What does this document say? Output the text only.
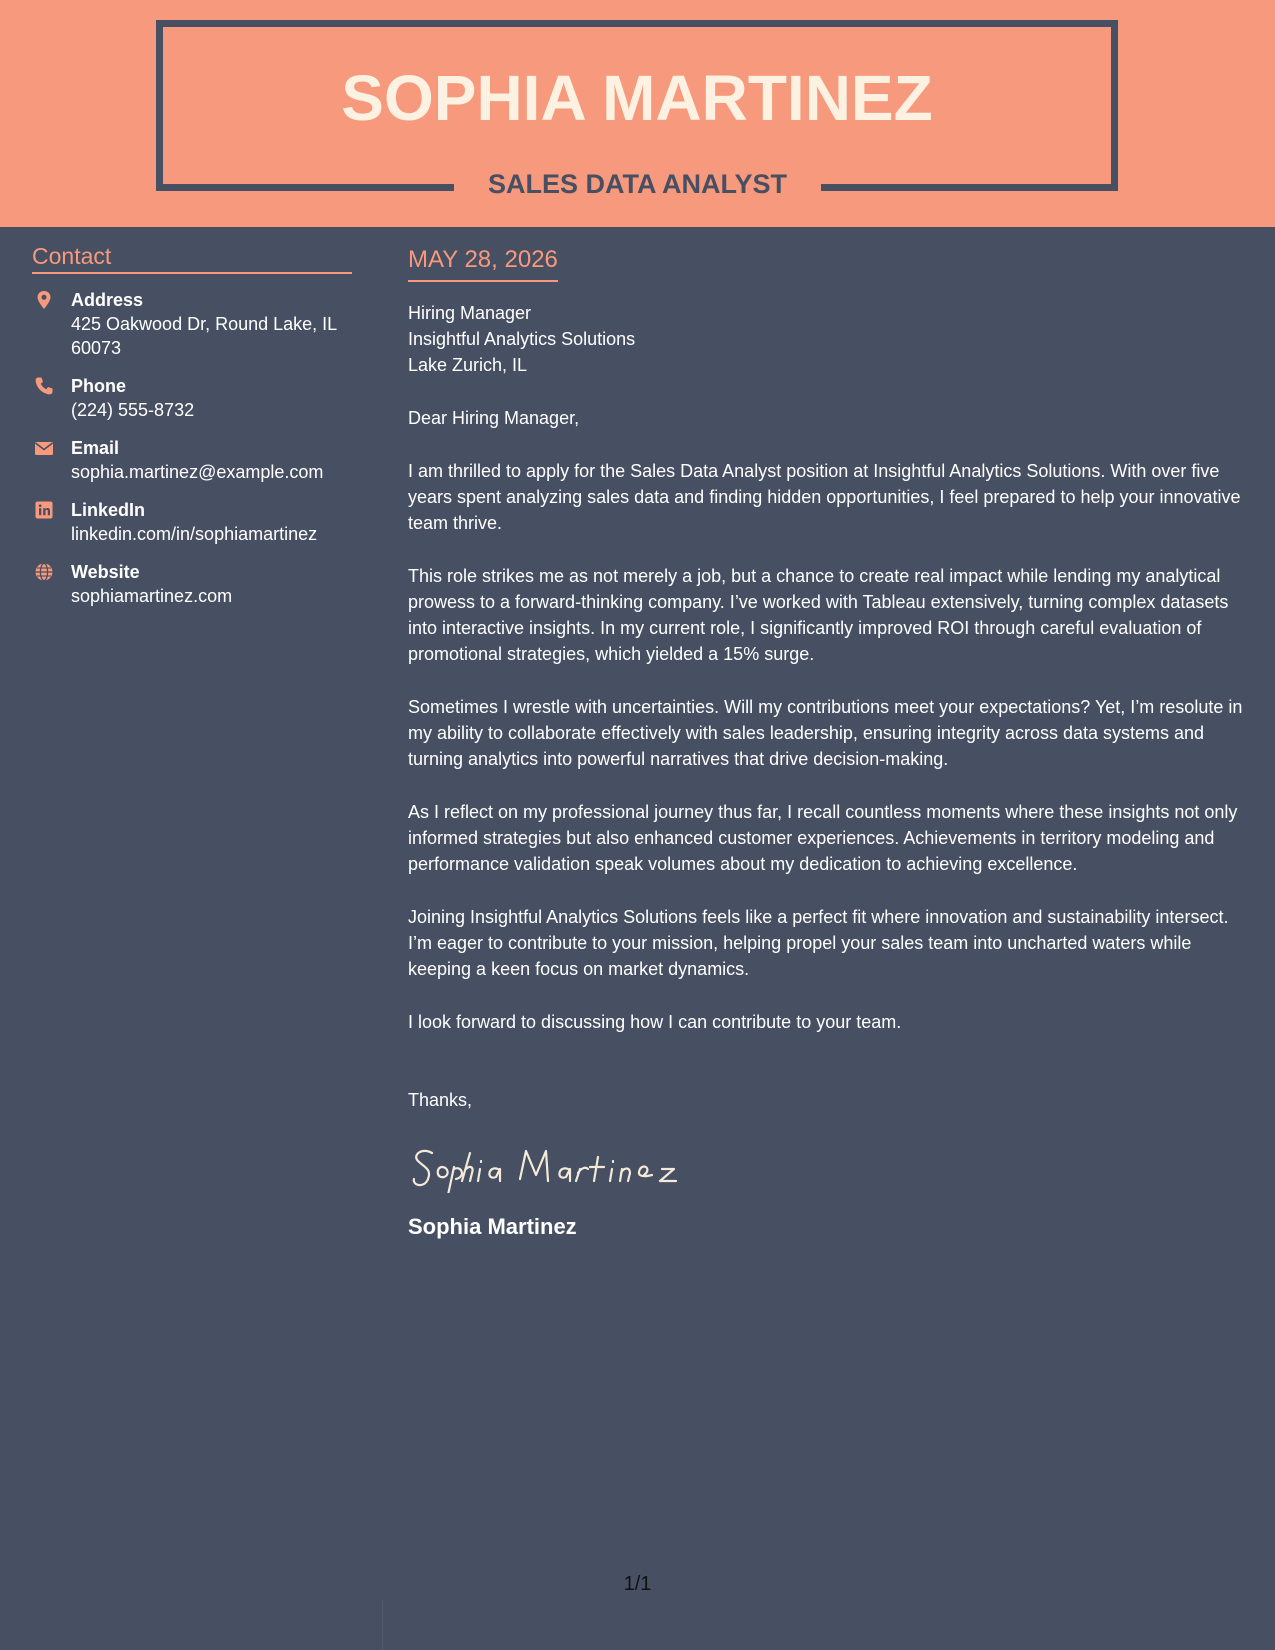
SOPHIA MARTINEZ
SALES DATA ANALYST
Contact
Address
425 Oakwood Dr, Round Lake, IL 60073
Phone
(224) 555-8732
Email
sophia.martinez@example.com
LinkedIn
linkedin.com/in/sophiamartinez
Website
sophiamartinez.com
MAY 28, 2026
Hiring Manager
Insightful Analytics Solutions
Lake Zurich, IL
Dear Hiring Manager,
I am thrilled to apply for the Sales Data Analyst position at Insightful Analytics Solutions. With over five years spent analyzing sales data and finding hidden opportunities, I feel prepared to help your innovative team thrive.
This role strikes me as not merely a job, but a chance to create real impact while lending my analytical prowess to a forward-thinking company. I’ve worked with Tableau extensively, turning complex datasets into interactive insights. In my current role, I significantly improved ROI through careful evaluation of promotional strategies, which yielded a 15% surge.
Sometimes I wrestle with uncertainties. Will my contributions meet your expectations? Yet, I’m resolute in my ability to collaborate effectively with sales leadership, ensuring integrity across data systems and turning analytics into powerful narratives that drive decision-making.
As I reflect on my professional journey thus far, I recall countless moments where these insights not only informed strategies but also enhanced customer experiences. Achievements in territory modeling and performance validation speak volumes about my dedication to achieving excellence.
Joining Insightful Analytics Solutions feels like a perfect fit where innovation and sustainability intersect. I’m eager to contribute to your mission, helping propel your sales team into uncharted waters while keeping a keen focus on market dynamics.
I look forward to discussing how I can contribute to your team.
Thanks,
Sophia Martinez
1/1
